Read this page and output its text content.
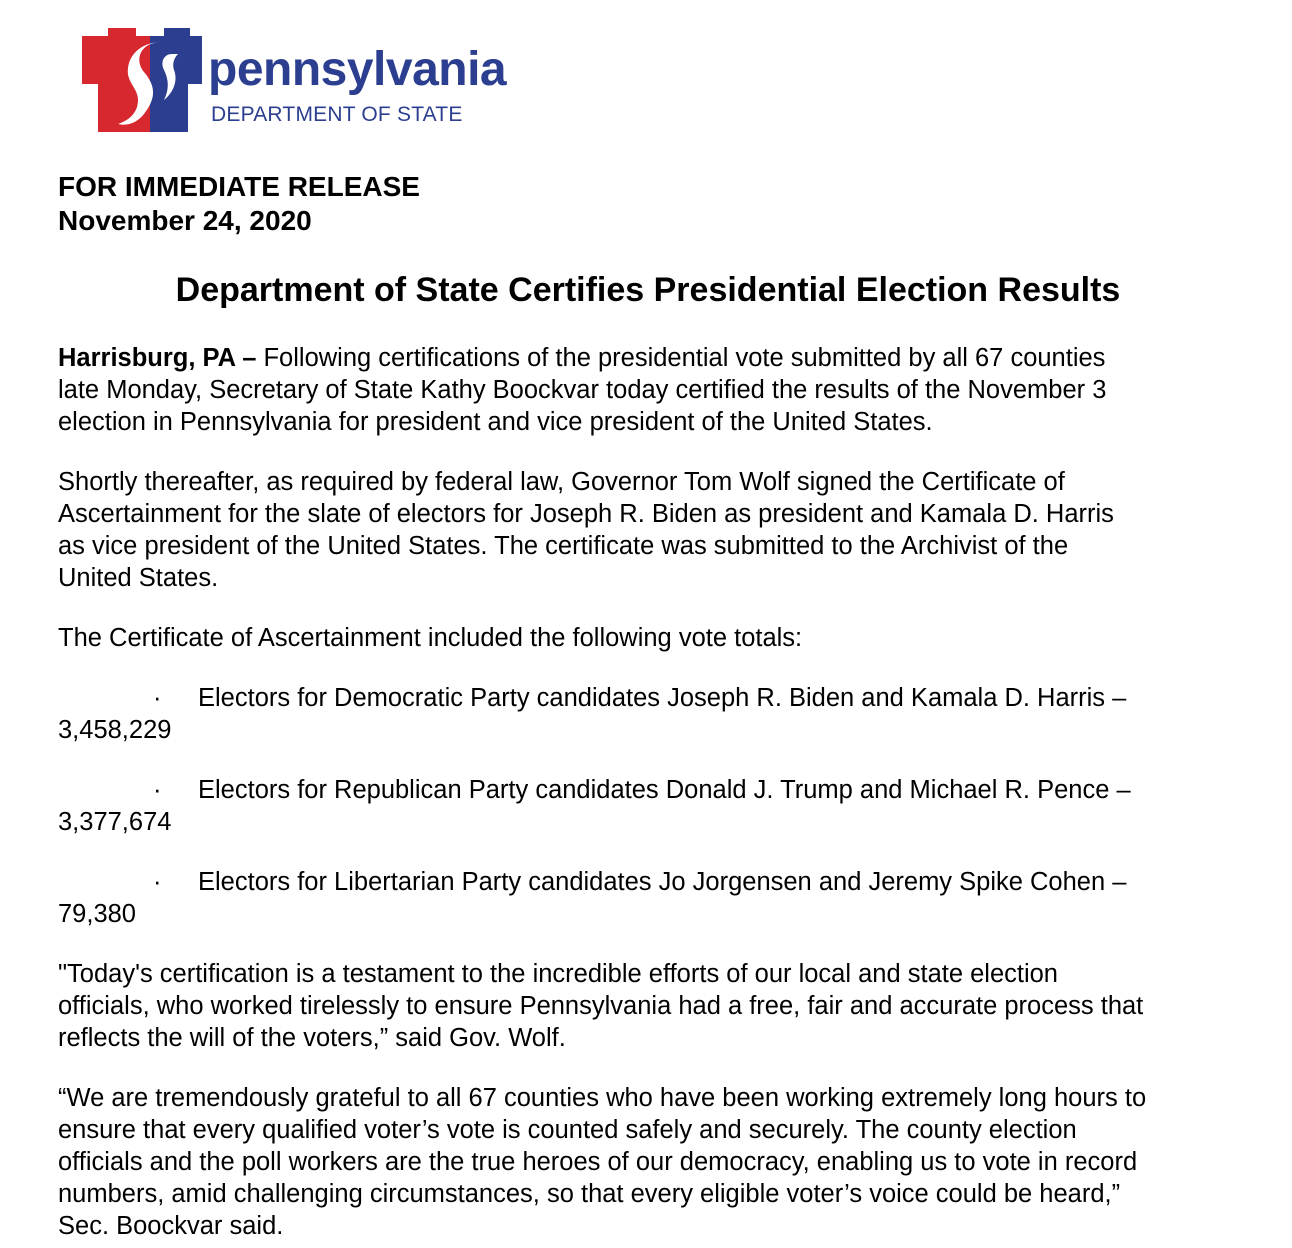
pennsylvania
DEPARTMENT OF STATE
FOR IMMEDIATE RELEASE
November 24, 2020
Department of State Certifies Presidential Election Results
Harrisburg, PA – Following certifications of the presidential vote submitted by all 67 counties
late Monday, Secretary of State Kathy Boockvar today certified the results of the November 3
election in Pennsylvania for president and vice president of the United States.
Shortly thereafter, as required by federal law, Governor Tom Wolf signed the Certificate of
Ascertainment for the slate of electors for Joseph R. Biden as president and Kamala D. Harris
as vice president of the United States. The certificate was submitted to the Archivist of the
United States.
The Certificate of Ascertainment included the following vote totals:
· Electors for Democratic Party candidates Joseph R. Biden and Kamala D. Harris –
3,458,229
· Electors for Republican Party candidates Donald J. Trump and Michael R. Pence –
3,377,674
· Electors for Libertarian Party candidates Jo Jorgensen and Jeremy Spike Cohen –
79,380
"Today's certification is a testament to the incredible efforts of our local and state election
officials, who worked tirelessly to ensure Pennsylvania had a free, fair and accurate process that
reflects the will of the voters,” said Gov. Wolf.
“We are tremendously grateful to all 67 counties who have been working extremely long hours to
ensure that every qualified voter’s vote is counted safely and securely. The county election
officials and the poll workers are the true heroes of our democracy, enabling us to vote in record
numbers, amid challenging circumstances, so that every eligible voter’s voice could be heard,”
Sec. Boockvar said.
